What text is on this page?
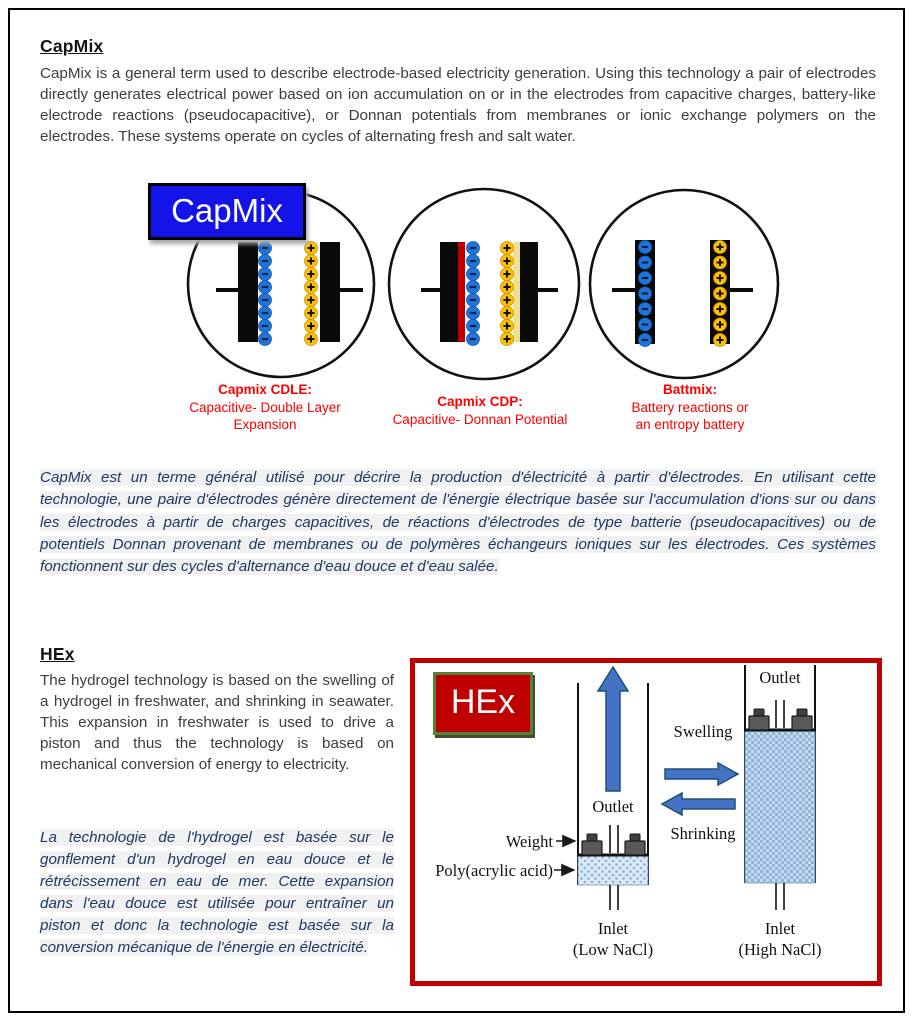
CapMix

CapMix is a general term used to describe electrode-based electricity generation. Using this technology a pair of electrodes directly generates electrical power based on ion accumulation on or in the electrodes from capacitive charges, battery-like electrode reactions (pseudocapacitive), or Donnan potentials from membranes or ionic exchange polymers on the electrodes. These systems operate on cycles of alternating fresh and salt water.

CapMix
Capmix CDLE:
Capacitive- Double Layer
Expansion
Capmix CDP:
Capacitive- Donnan Potential
Battmix:
Battery reactions or
an entropy battery

CapMix est un terme général utilisé pour décrire la production d'électricité à partir d'électrodes. En utilisant cette technologie, une paire d'électrodes génère directement de l'énergie électrique basée sur l'accumulation d'ions sur ou dans les électrodes à partir de charges capacitives, de réactions d'électrodes de type batterie (pseudocapacitives) ou de potentiels Donnan provenant de membranes ou de polymères échangeurs ioniques sur les électrodes. Ces systèmes fonctionnent sur des cycles d'alternance d'eau douce et d'eau salée.

HEx

The hydrogel technology is based on the swelling of a hydrogel in freshwater, and shrinking in seawater. This expansion in freshwater is used to drive a piston and thus the technology is based on mechanical conversion of energy to electricity.

La technologie de l'hydrogel est basée sur le gonflement d'un hydrogel en eau douce et le rétrécissement en eau de mer. Cette expansion dans l'eau douce est utilisée pour entraîner un piston et donc la technologie est basée sur la conversion mécanique de l'énergie en électricité.

HEx
Outlet
Outlet
Swelling
Shrinking
Weight
Poly(acrylic acid)
Inlet
(Low NaCl)
Inlet
(High NaCl)
